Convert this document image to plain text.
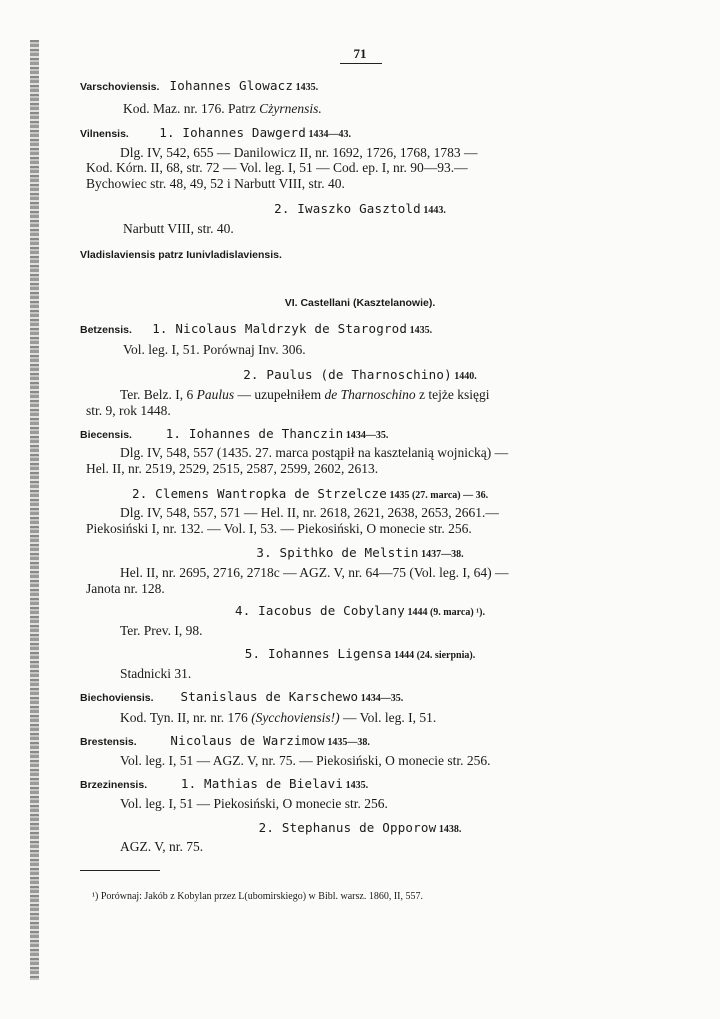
71
Varschoviensis. Iohannes Glowacz 1435.
Kod. Maz. nr. 176. Patrz Cżyrnensis.
Vilnensis. 1. Iohannes Dawgerd 1434—43.
Dlg. IV, 542, 655 — Danilowicz II, nr. 1692, 1726, 1768, 1783 —
Kod. Kórn. II, 68, str. 72 — Vol. leg. I, 51 — Cod. ep. I, nr. 90—93.—
Bychowiec str. 48, 49, 52 i Narbutt VIII, str. 40.
2. Iwaszko Gasztold 1443.
Narbutt VIII, str. 40.
Vladislaviensis patrz Iunivladislaviensis.
VI. Castellani (Kasztelanowie).
Betzensis. 1. Nicolaus Maldrzyk de Starogrod 1435.
Vol. leg. I, 51. Porównaj Inv. 306.
2. Paulus (de Tharnoschino) 1440.
Ter. Belz. I, 6 Paulus — uzupełniłem de Tharnoschino z tejże księgi
str. 9, rok 1448.
Biecensis.	1. Iohannes de Thanczin 1434—35.
Dlg. IV, 548, 557 (1435. 27. marca postąpił na kasztelanią wojnicką) —
Hel. II, nr. 2519, 2529, 2515, 2587, 2599, 2602, 2613.
2. Clemens Wantropka de Strzelcze 1435 (27. marca) — 36.
Dlg. IV, 548, 557, 571 — Hel. II, nr. 2618, 2621, 2638, 2653, 2661.—
Piekosiński I, nr. 132. — Vol. I, 53. — Piekosiński, O monecie str. 256.
3. Spithko de Melstin 1437—38.
Hel. II, nr. 2695, 2716, 2718c — AGZ. V, nr. 64—75 (Vol. leg. I, 64) —
Janota nr. 128.
4. Iacobus de Cobylany 1444 (9. marca) ¹).
Ter. Prev. I, 98.
5. Iohannes Ligensa 1444 (24. sierpnia).
Stadnicki 31.
Biechoviensis. Stanislaus de Karschewo 1434—35.
Kod. Tyn. II, nr. nr. 176 (Sycchoviensis!) — Vol. leg. I, 51.
Brestensis.	Nicolaus de Warzimow 1435—38.
Vol. leg. I, 51 — AGZ. V, nr. 75. — Piekosiński, O monecie str. 256.
Brzezinensis.	1. Mathias de Bielavi 1435.
Vol. leg. I, 51 — Piekosiński, O monecie str. 256.
2. Stephanus de Opporow 1438.
AGZ. V, nr. 75.
¹) Porównaj: Jakób z Kobylan przez L(ubomirskiego) w Bibl. warsz. 1860, II, 557.
